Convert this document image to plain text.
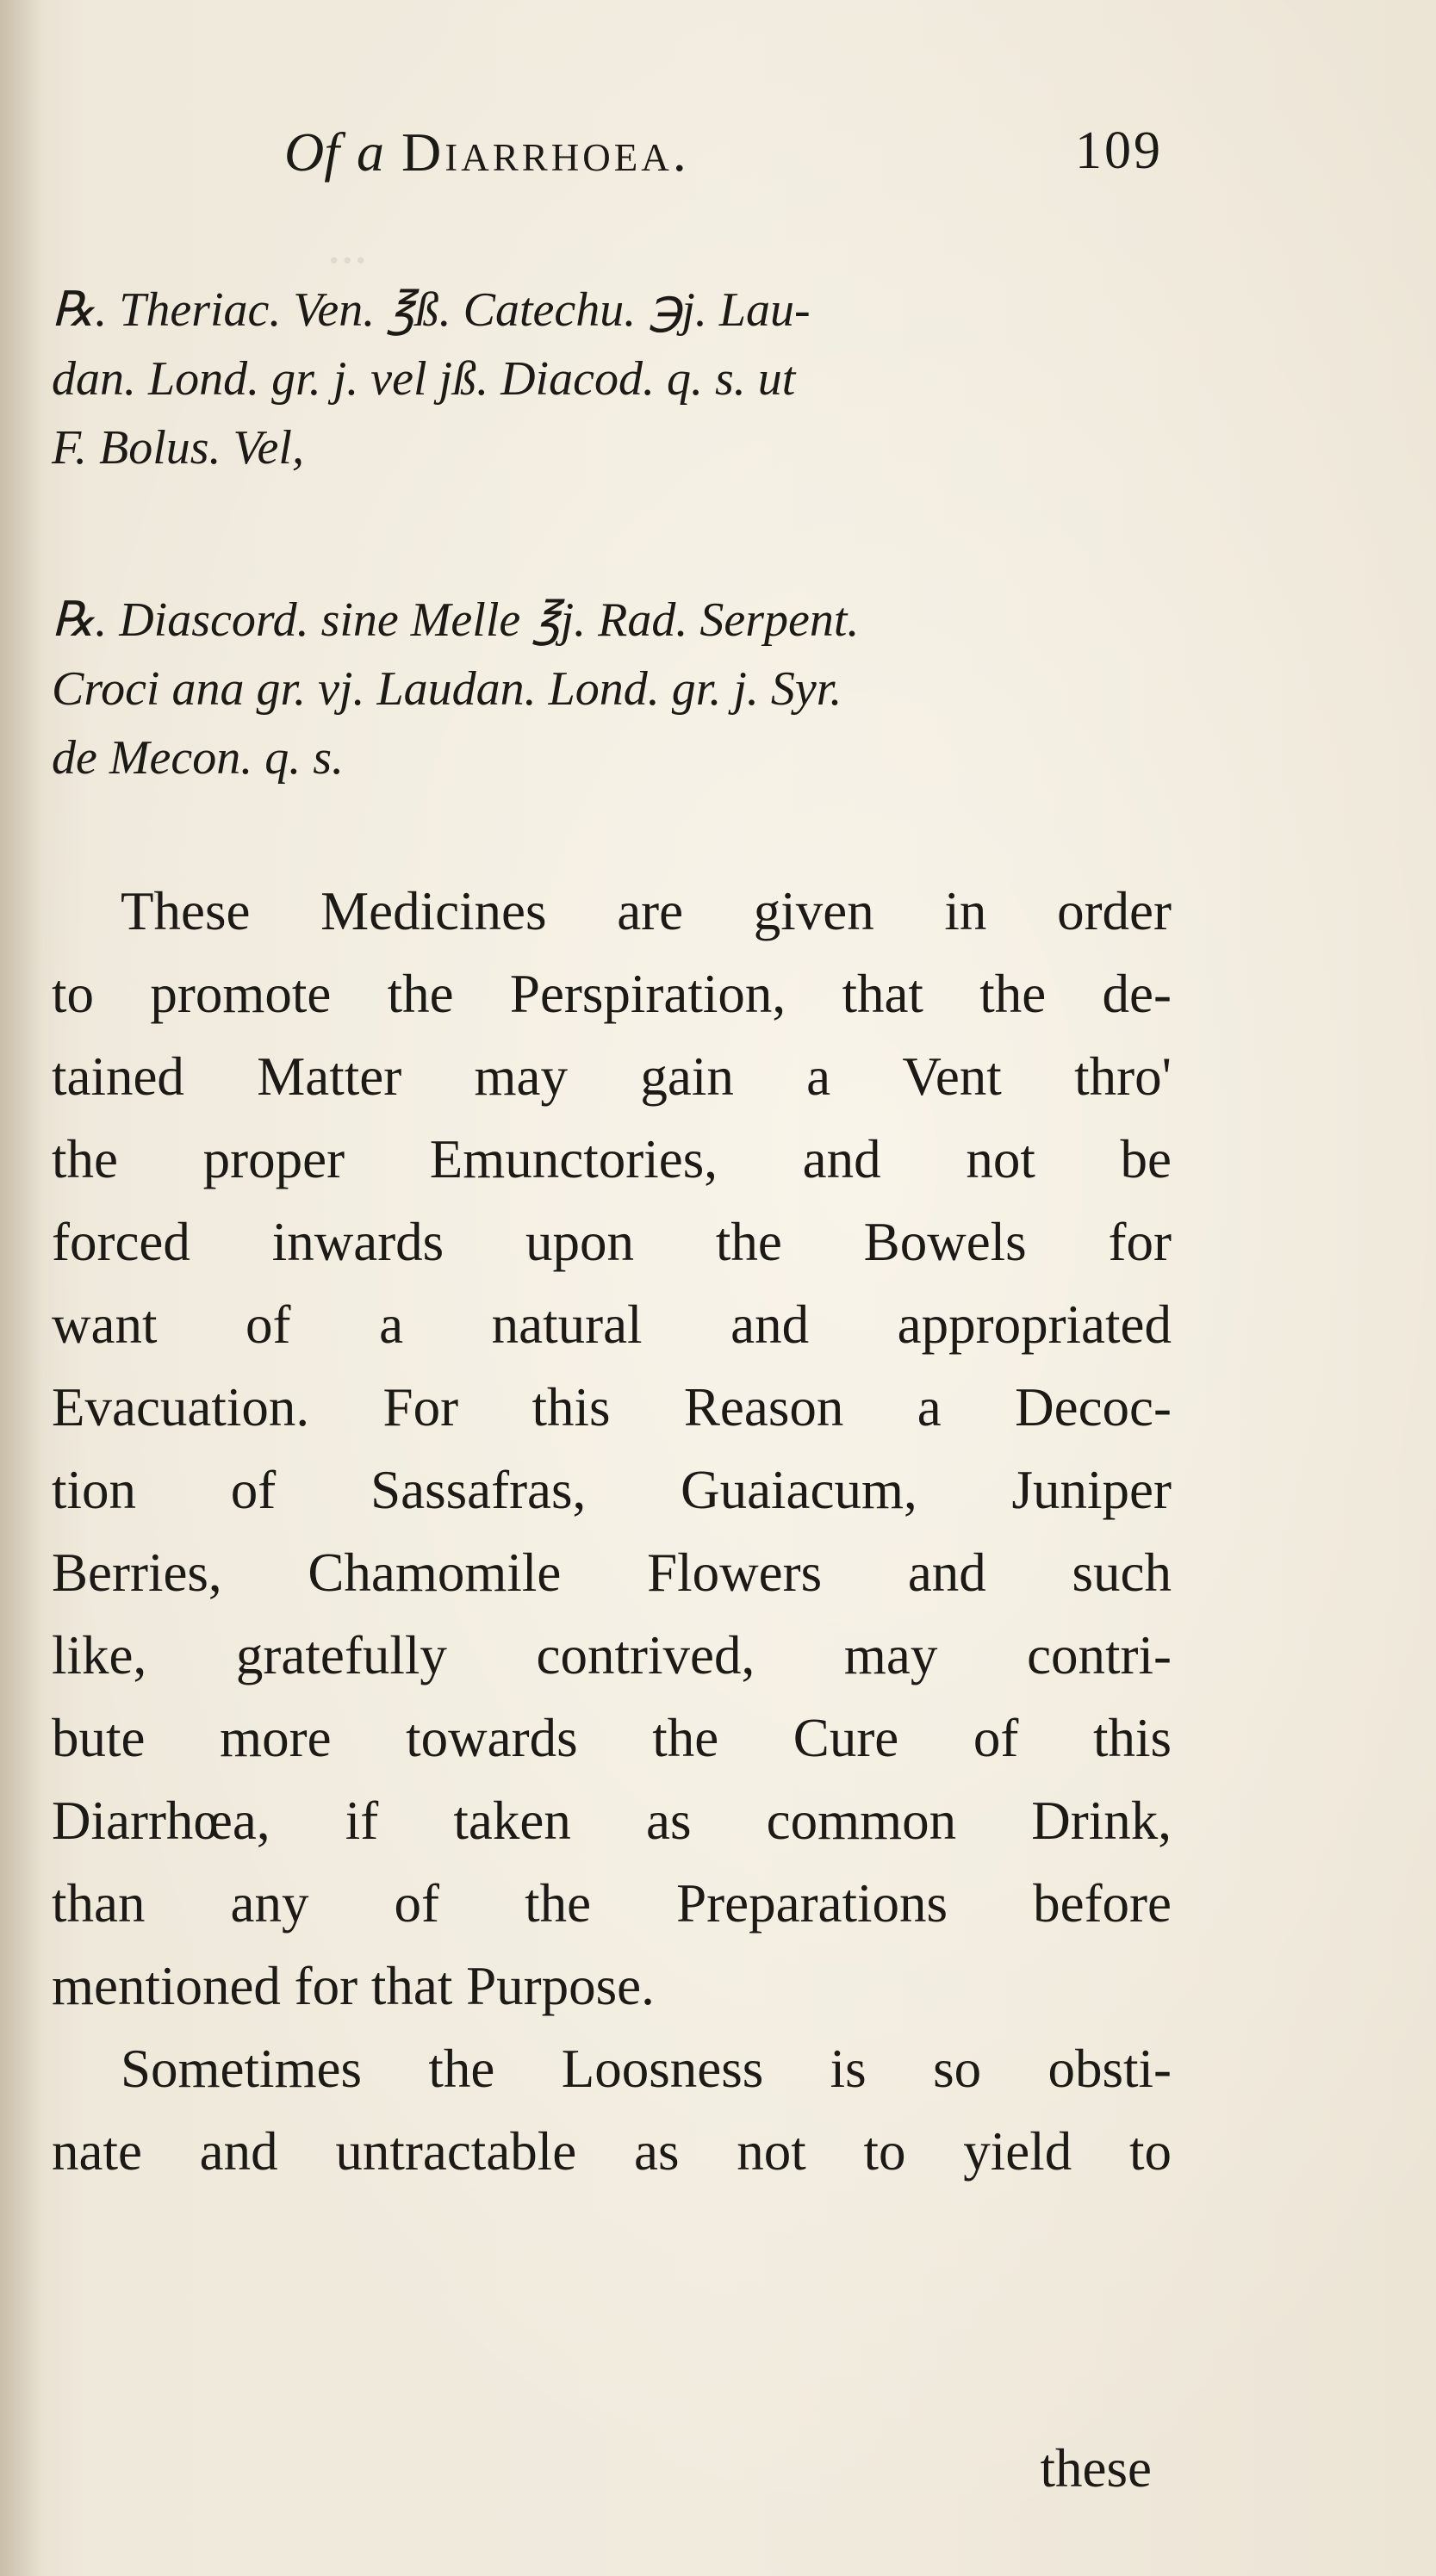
...
Of a Diarrhoea.	109
℞. Theriac. Ven. ℥ß. Catechu. ℈j. Lau-
dan. Lond. gr. j. vel jß. Diacod. q. s. ut
F. Bolus. Vel,
℞. Diascord. sine Melle ℥j. Rad. Serpent.
Croci ana gr. vj. Laudan. Lond. gr. j. Syr.
de Mecon. q. s.
These Medicines are given in order
to promote the Perspiration, that the de-
tained Matter may gain a Vent thro'
the proper Emunctories, and not be
forced inwards upon the Bowels for
want of a natural and appropriated
Evacuation. For this Reason a Decoc-
tion of Sassafras, Guaiacum, Juniper
Berries, Chamomile Flowers and such
like, gratefully contrived, may contri-
bute more towards the Cure of this
Diarrhœa, if taken as common Drink,
than any of the Preparations before
mentioned for that Purpose.
Sometimes the Loosness is so obsti-
nate and untractable as not to yield to
these
